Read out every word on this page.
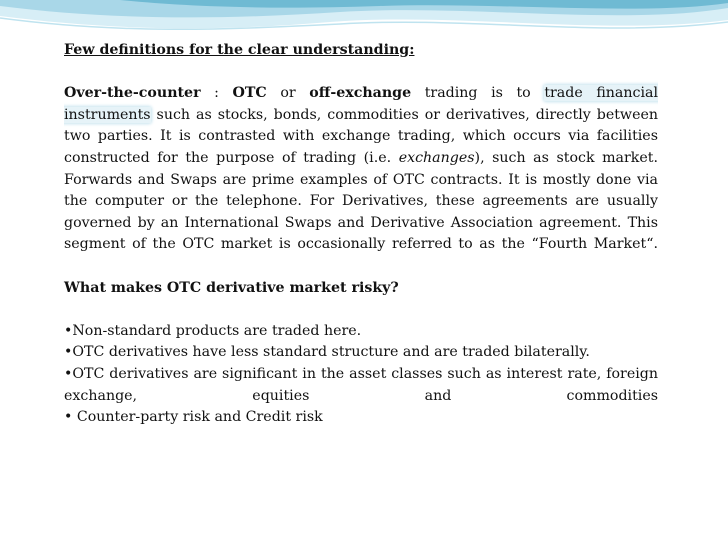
Few definitions for the clear understanding:

Over-the-counter : OTC or off-exchange trading is to trade financial instruments such as stocks, bonds, commodities or derivatives, directly between two parties. It is contrasted with exchange trading, which occurs via facilities constructed for the purpose of trading (i.e. exchanges), such as stock market.

Forwards and Swaps are prime examples of OTC contracts. It is mostly done via the computer or the telephone. For Derivatives, these agreements are usually governed by an International Swaps and Derivative Association agreement. This segment of the OTC market is occasionally referred to as the “Fourth Market“.

What makes OTC derivative market risky?

•Non-standard products are traded here.

•OTC derivatives have less standard structure and are traded bilaterally.

•OTC derivatives are significant in the asset classes such as interest rate, foreign exchange, equities and commodities

• Counter-party risk and Credit risk
